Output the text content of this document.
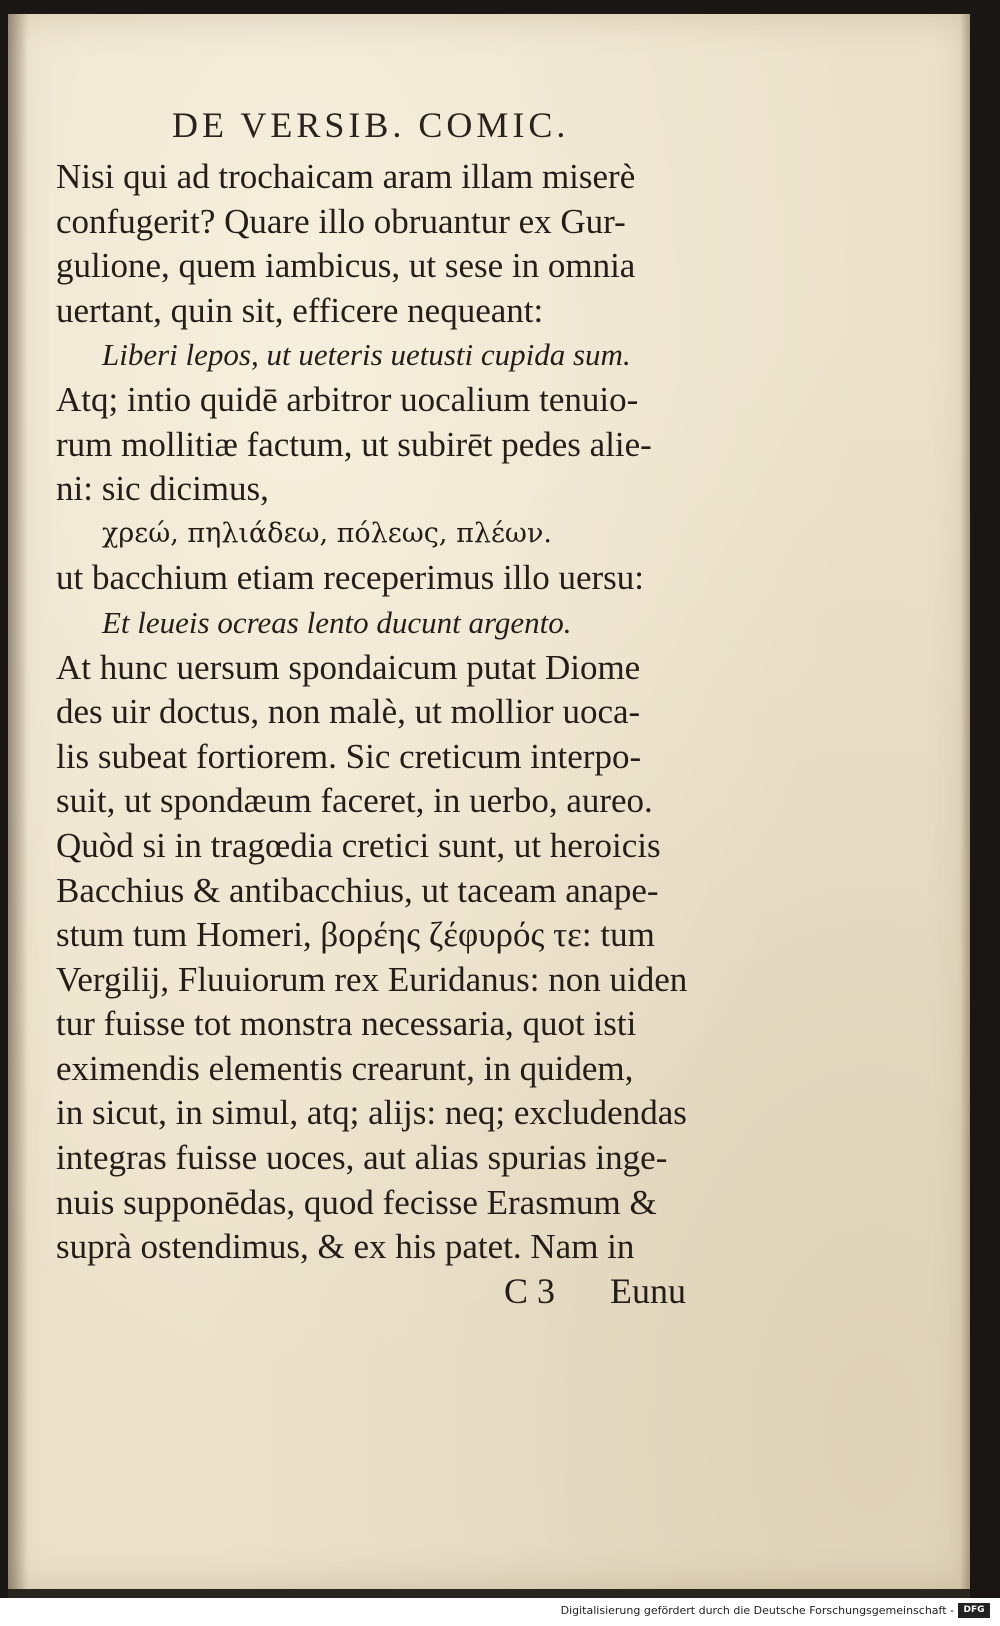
DE VERSIB. COMIC.
Nisi qui ad trochaicam aram illam miserè
confugerit? Quare illo obruantur ex Gur-
gulione, quem iambicus, ut sese in omnia
uertant, quin sit, efficere nequeant:
Liberi lepos, ut ueteris uetusti cupida sum.
Atq; intio quidē arbitror uocalium tenuio-
rum mollitiæ factum, ut subirēt pedes alie-
ni: sic dicimus,
χρεώ, πηλιάδεω, πόλεως, πλέων.
ut bacchium etiam receperimus illo uersu:
Et leueis ocreas lento ducunt argento.
At hunc uersum spondaicum putat Diome
des uir doctus, non malè, ut mollior uoca-
lis subeat fortiorem. Sic creticum interpo-
suit, ut spondæum faceret, in uerbo, aureo.
Quòd si in tragœdia cretici sunt, ut heroicis
Bacchius & antibacchius, ut taceam anape-
stum tum Homeri, βορέης ζέφυρός τε: tum
Vergilij, Fluuiorum rex Euridanus: non uiden
tur fuisse tot monstra necessaria, quot isti
eximendis elementis crearunt, in quidem,
in sicut, in simul, atq; alijs: neq; excludendas
integras fuisse uoces, aut alias spurias inge-
nuis supponēdas, quod fecisse Erasmum &
suprà ostendimus, & ex his patet. Nam in
C 3 Eunu
Digitalisierung gefördert durch die Deutsche Forschungsgemeinschaft -	DFG
